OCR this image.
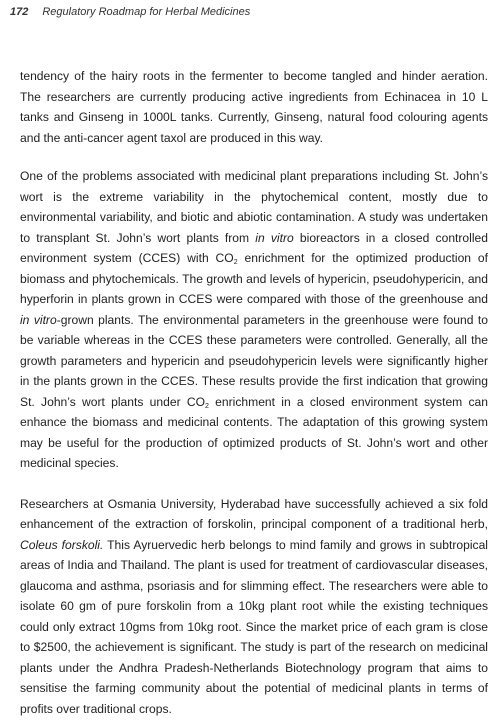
172 Regulatory Roadmap for Herbal Medicines

tendency of the hairy roots in the fermenter to become tangled and hinder aeration. The researchers are currently producing active ingredients from Echinacea in 10 L tanks and Ginseng in 1000L tanks. Currently, Ginseng, natural food colouring agents and the anti-cancer agent taxol are produced in this way.

One of the problems associated with medicinal plant preparations including St. John’s wort is the extreme variability in the phytochemical content, mostly due to environmental variability, and biotic and abiotic contamination. A study was undertaken to transplant St. John’s wort plants from in vitro bioreactors in a closed controlled environment system (CCES) with $CO_2$ enrichment for the optimized production of biomass and phytochemicals. The growth and levels of hypericin, pseudohypericin, and hyperforin in plants grown in CCES were compared with those of the greenhouse and in vitro-grown plants. The environmental parameters in the greenhouse were found to be variable whereas in the CCES these parameters were controlled. Generally, all the growth parameters and hypericin and pseudohypericin levels were significantly higher in the plants grown in the CCES. These results provide the first indication that growing St. John’s wort plants under $CO_2$ enrichment in a closed environment system can enhance the biomass and medicinal contents. The adaptation of this growing system may be useful for the production of optimized products of St. John’s wort and other medicinal species.

Researchers at Osmania University, Hyderabad have successfully achieved a six fold enhancement of the extraction of forskolin, principal component of a traditional herb, Coleus forskoli. This Ayruervedic herb belongs to mind family and grows in subtropical areas of India and Thailand. The plant is used for treatment of cardiovascular diseases, glaucoma and asthma, psoriasis and for slimming effect. The researchers were able to isolate 60 gm of pure forskolin from a 10kg plant root while the existing techniques could only extract 10gms from 10kg root. Since the market price of each gram is close to $2500, the achievement is significant. The study is part of the research on medicinal plants under the Andhra Pradesh-Netherlands Biotechnology program that aims to sensitise the farming community about the potential of medicinal plants in terms of profits over traditional crops.
